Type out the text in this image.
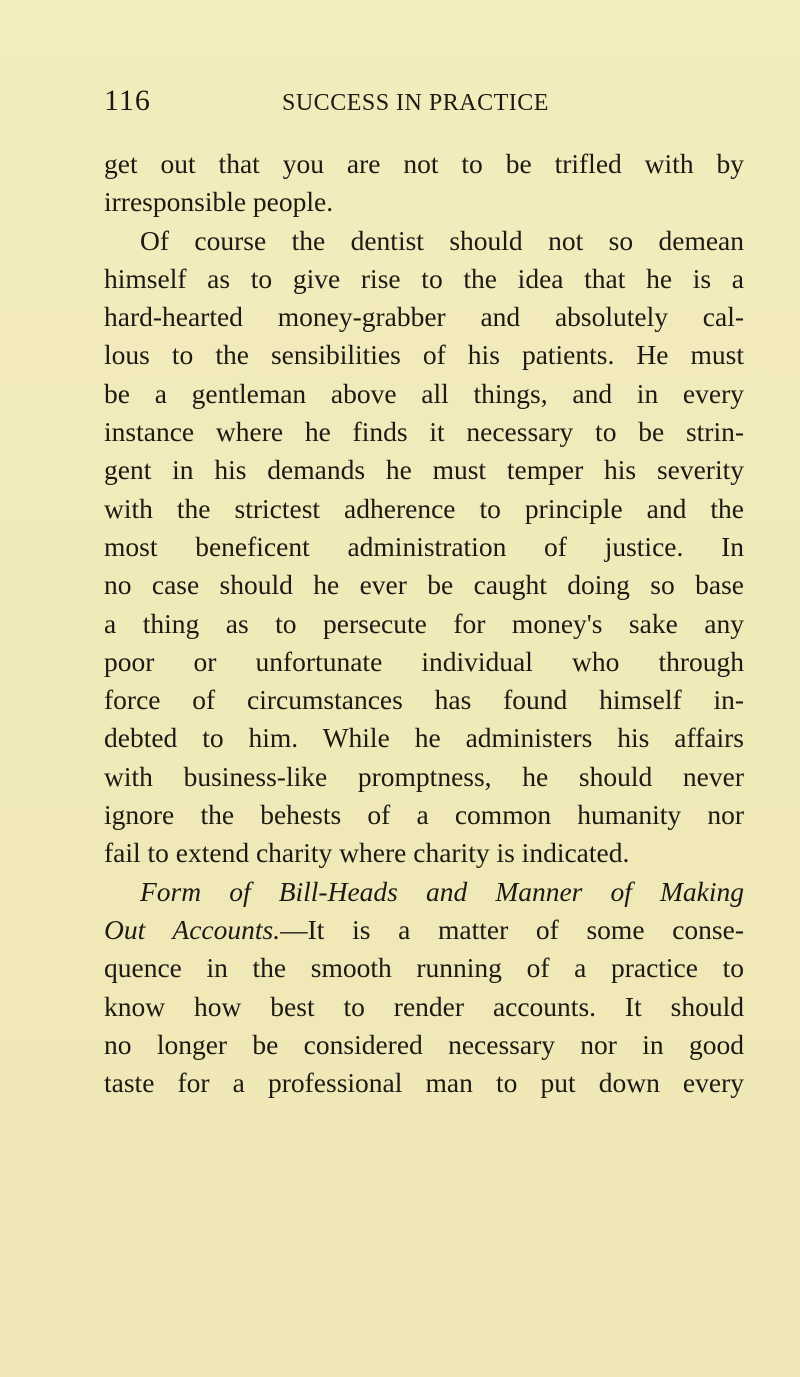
116	SUCCESS IN PRACTICE
get out that you are not to be trifled with by
irresponsible people.
Of course the dentist should not so demean
himself as to give rise to the idea that he is a
hard-hearted money-grabber and absolutely cal-
lous to the sensibilities of his patients. He must
be a gentleman above all things, and in every
instance where he finds it necessary to be strin-
gent in his demands he must temper his severity
with the strictest adherence to principle and the
most beneficent administration of justice. In
no case should he ever be caught doing so base
a thing as to persecute for money's sake any
poor or unfortunate individual who through
force of circumstances has found himself in-
debted to him. While he administers his affairs
with business-like promptness, he should never
ignore the behests of a common humanity nor
fail to extend charity where charity is indicated.
Form of Bill-Heads and Manner of Making
Out Accounts.—It is a matter of some conse-
quence in the smooth running of a practice to
know how best to render accounts. It should
no longer be considered necessary nor in good
taste for a professional man to put down every
